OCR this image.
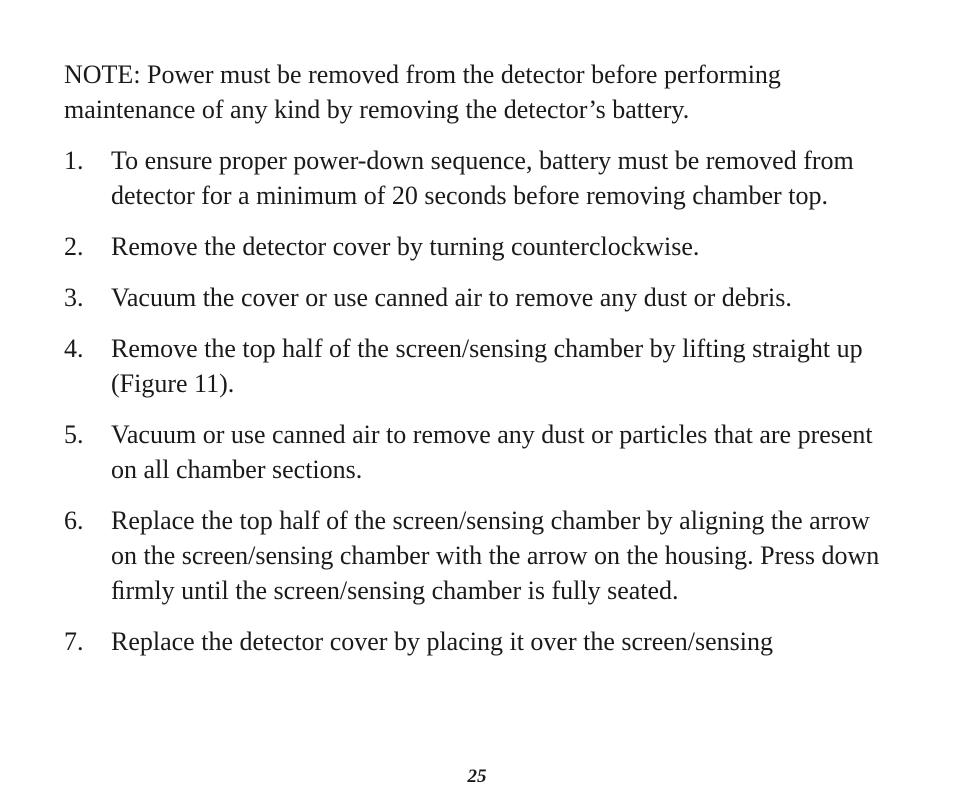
NOTE: Power must be removed from the detector before performing maintenance of any kind by removing the detector’s battery.

1.	To ensure proper power-down sequence, battery must be removed from detector for a minimum of 20 seconds before removing chamber top.
2.	Remove the detector cover by turning counterclockwise.
3.	Vacuum the cover or use canned air to remove any dust or debris.
4.	Remove the top half of the screen/sensing chamber by lifting straight up (Figure 11).
5.	Vacuum or use canned air to remove any dust or particles that are present on all chamber sections.
6.	Replace the top half of the screen/sensing chamber by aligning the arrow on the screen/sensing chamber with the arrow on the housing. Press down ﬁrmly until the screen/sensing chamber is fully seated.
7.	Replace the detector cover by placing it over the screen/sensing
25
